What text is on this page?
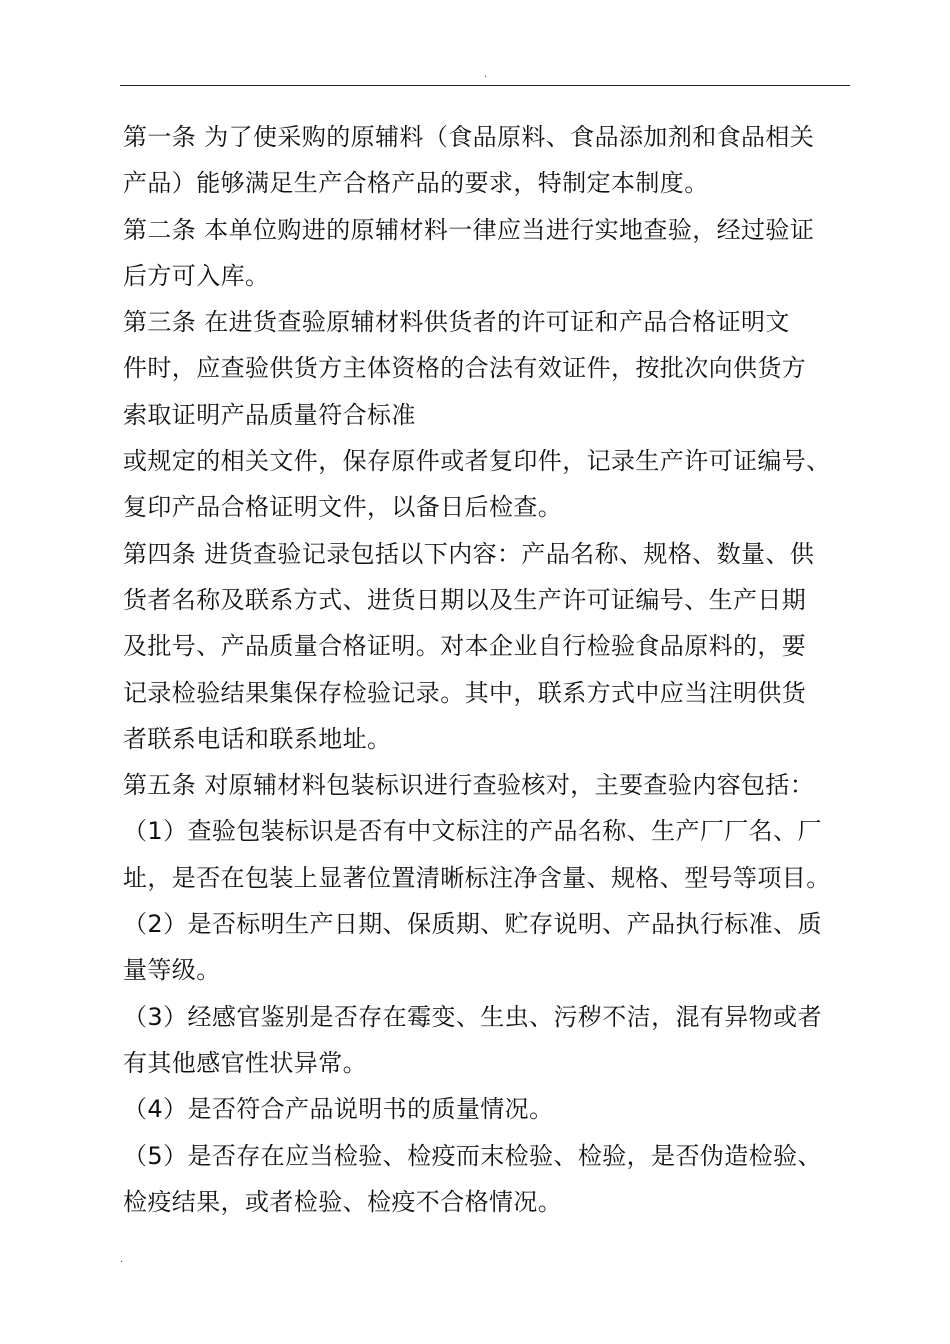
.
第一条 为了使采购的原辅料（食品原料、食品添加剂和食品相关
产品）能够满足生产合格产品的要求，特制定本制度。
第二条 本单位购进的原辅材料一律应当进行实地查验，经过验证
后方可入库。
第三条 在进货查验原辅材料供货者的许可证和产品合格证明文
件时，应查验供货方主体资格的合法有效证件，按批次向供货方
索取证明产品质量符合标准
或规定的相关文件，保存原件或者复印件，记录生产许可证编号、
复印产品合格证明文件，以备日后检查。
第四条 进货查验记录包括以下内容：产品名称、规格、数量、供
货者名称及联系方式、进货日期以及生产许可证编号、生产日期
及批号、产品质量合格证明。对本企业自行检验食品原料的，要
记录检验结果集保存检验记录。其中，联系方式中应当注明供货
者联系电话和联系地址。
第五条 对原辅材料包装标识进行查验核对，主要查验内容包括：
（1）查验包装标识是否有中文标注的产品名称、生产厂厂名、厂
址，是否在包装上显著位置清晰标注净含量、规格、型号等项目。
（2）是否标明生产日期、保质期、贮存说明、产品执行标准、质
量等级。
（3）经感官鉴别是否存在霉变、生虫、污秽不洁，混有异物或者
有其他感官性状异常。
（4）是否符合产品说明书的质量情况。
（5）是否存在应当检验、检疫而末检验、检验，是否伪造检验、
检疫结果，或者检验、检疫不合格情况。
.
